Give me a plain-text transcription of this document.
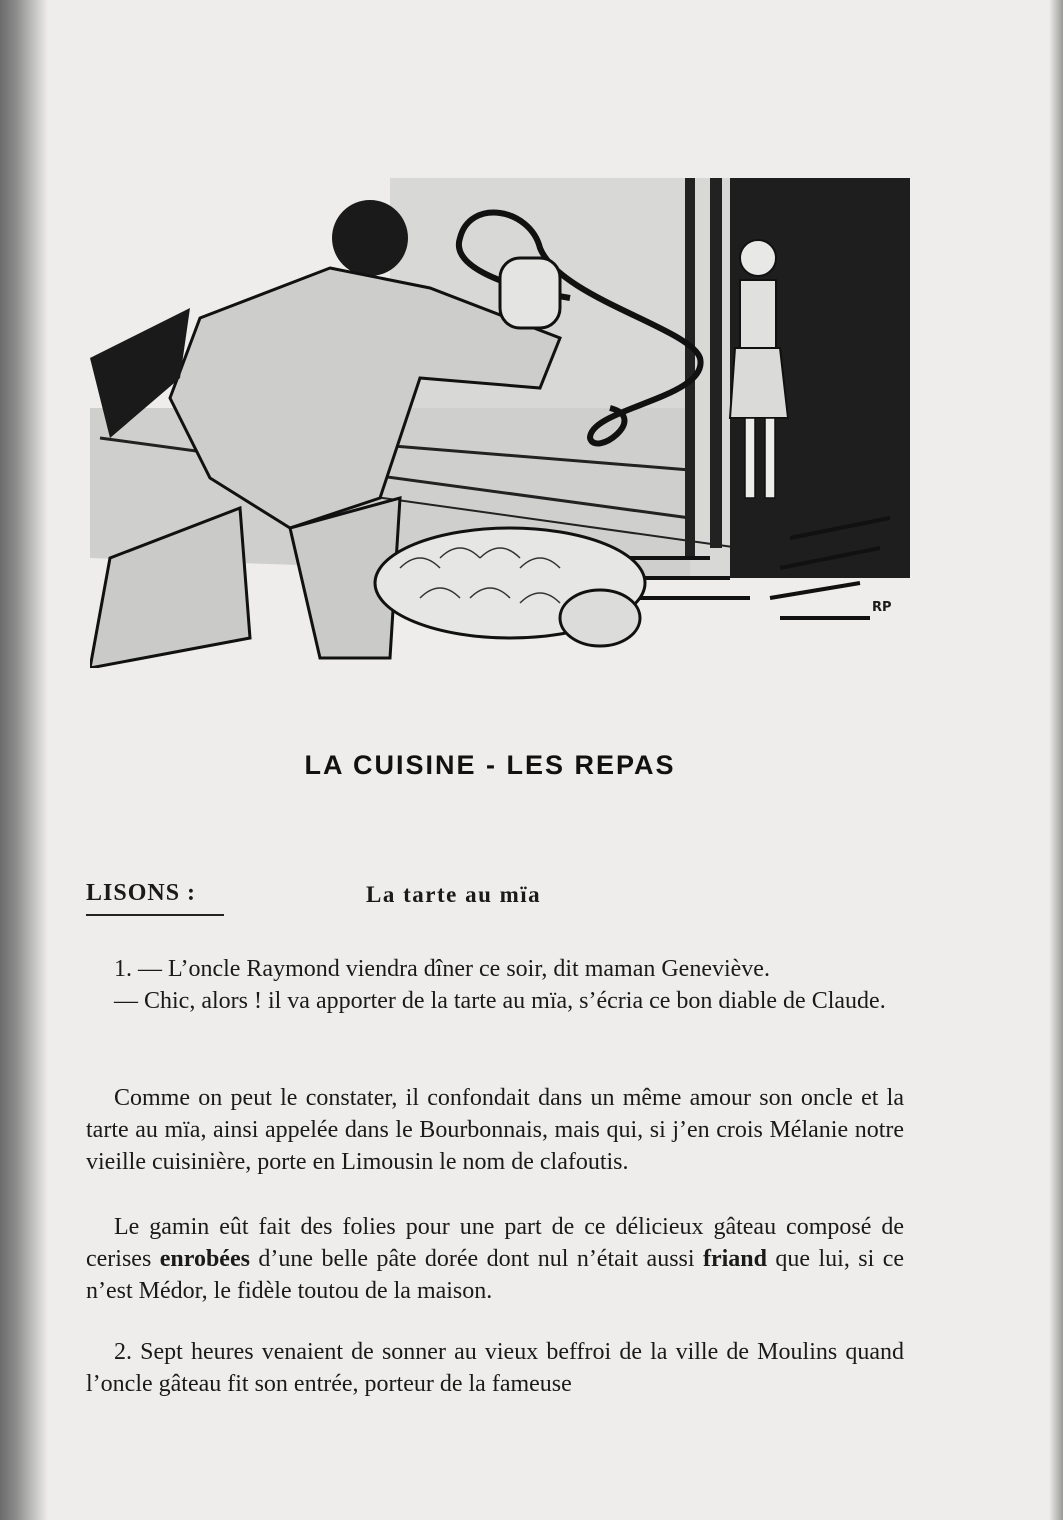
RP
LA CUISINE - LES REPAS
LISONS :	La tarte au mïa

1. — L’oncle Raymond viendra dîner ce soir, dit maman Geneviève.

— Chic, alors ! il va apporter de la tarte au mïa, s’écria ce bon diable de Claude.

Comme on peut le constater, il confondait dans un même amour son oncle et la tarte au mïa, ainsi appelée dans le Bourbonnais, mais qui, si j’en crois Mélanie notre vieille cuisinière, porte en Limousin le nom de clafoutis.

Le gamin eût fait des folies pour une part de ce délicieux gâteau composé de cerises enrobées d’une belle pâte dorée dont nul n’était aussi friand que lui, si ce n’est Médor, le fidèle toutou de la maison.

2. Sept heures venaient de sonner au vieux beffroi de la ville de Moulins quand l’oncle gâteau fit son entrée, porteur de la fameuse
